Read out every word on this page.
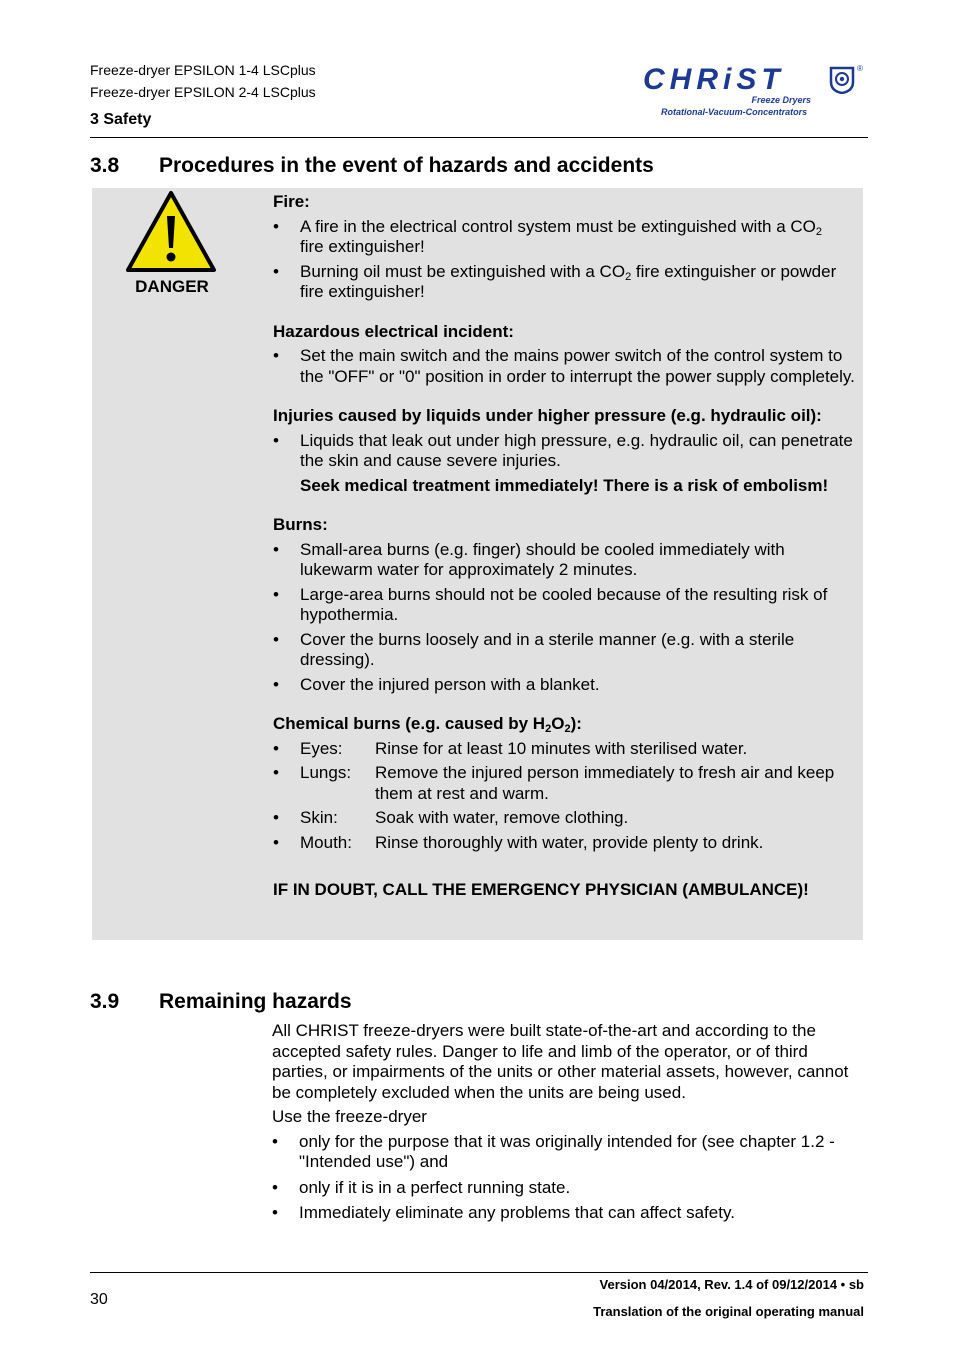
Freeze-dryer EPSILON 1-4 LSCplus
Freeze-dryer EPSILON 2-4 LSCplus
3 Safety
CHRiST	®
Freeze Dryers
Rotational-Vacuum-Concentrators
3.8 Procedures in the event of hazards and accidents
DANGER
Fire:
• A fire in the electrical control system must be extinguished with a $CO_2$
fire extinguisher!
• Burning oil must be extinguished with a $CO_2$ fire extinguisher or powder fire extinguisher!
Hazardous electrical incident:
• Set the main switch and the mains power switch of the control system to the "OFF" or "0" position in order to interrupt the power supply completely.
Injuries caused by liquids under higher pressure (e.g. hydraulic oil):
• Liquids that leak out under high pressure, e.g. hydraulic oil, can penetrate the skin and cause severe injuries.
Seek medical treatment immediately! There is a risk of embolism!
Burns:
• Small-area burns (e.g. finger) should be cooled immediately with lukewarm water for approximately 2 minutes.
• Large-area burns should not be cooled because of the resulting risk of hypothermia.
• Cover the burns loosely and in a sterile manner (e.g. with a sterile dressing).
• Cover the injured person with a blanket.
Chemical burns (e.g. caused by $H_2O_2$):
• Eyes:	Rinse for at least 10 minutes with sterilised water.
• Lungs:	Remove the injured person immediately to fresh air and keep them at rest and warm.
• Skin:	Soak with water, remove clothing.
• Mouth:	Rinse thoroughly with water, provide plenty to drink.
IF IN DOUBT, CALL THE EMERGENCY PHYSICIAN (AMBULANCE)!
3.9 Remaining hazards

All CHRIST freeze-dryers were built state-of-the-art and according to the accepted safety rules. Danger to life and limb of the operator, or of third parties, or impairments of the units or other material assets, however, cannot be completely excluded when the units are being used.

Use the freeze-dryer

• only for the purpose that it was originally intended for (see chapter 1.2 - "Intended use") and
• only if it is in a perfect running state.
• Immediately eliminate any problems that can affect safety.
30
Version 04/2014, Rev. 1.4 of 09/12/2014 • sb
Translation of the original operating manual
